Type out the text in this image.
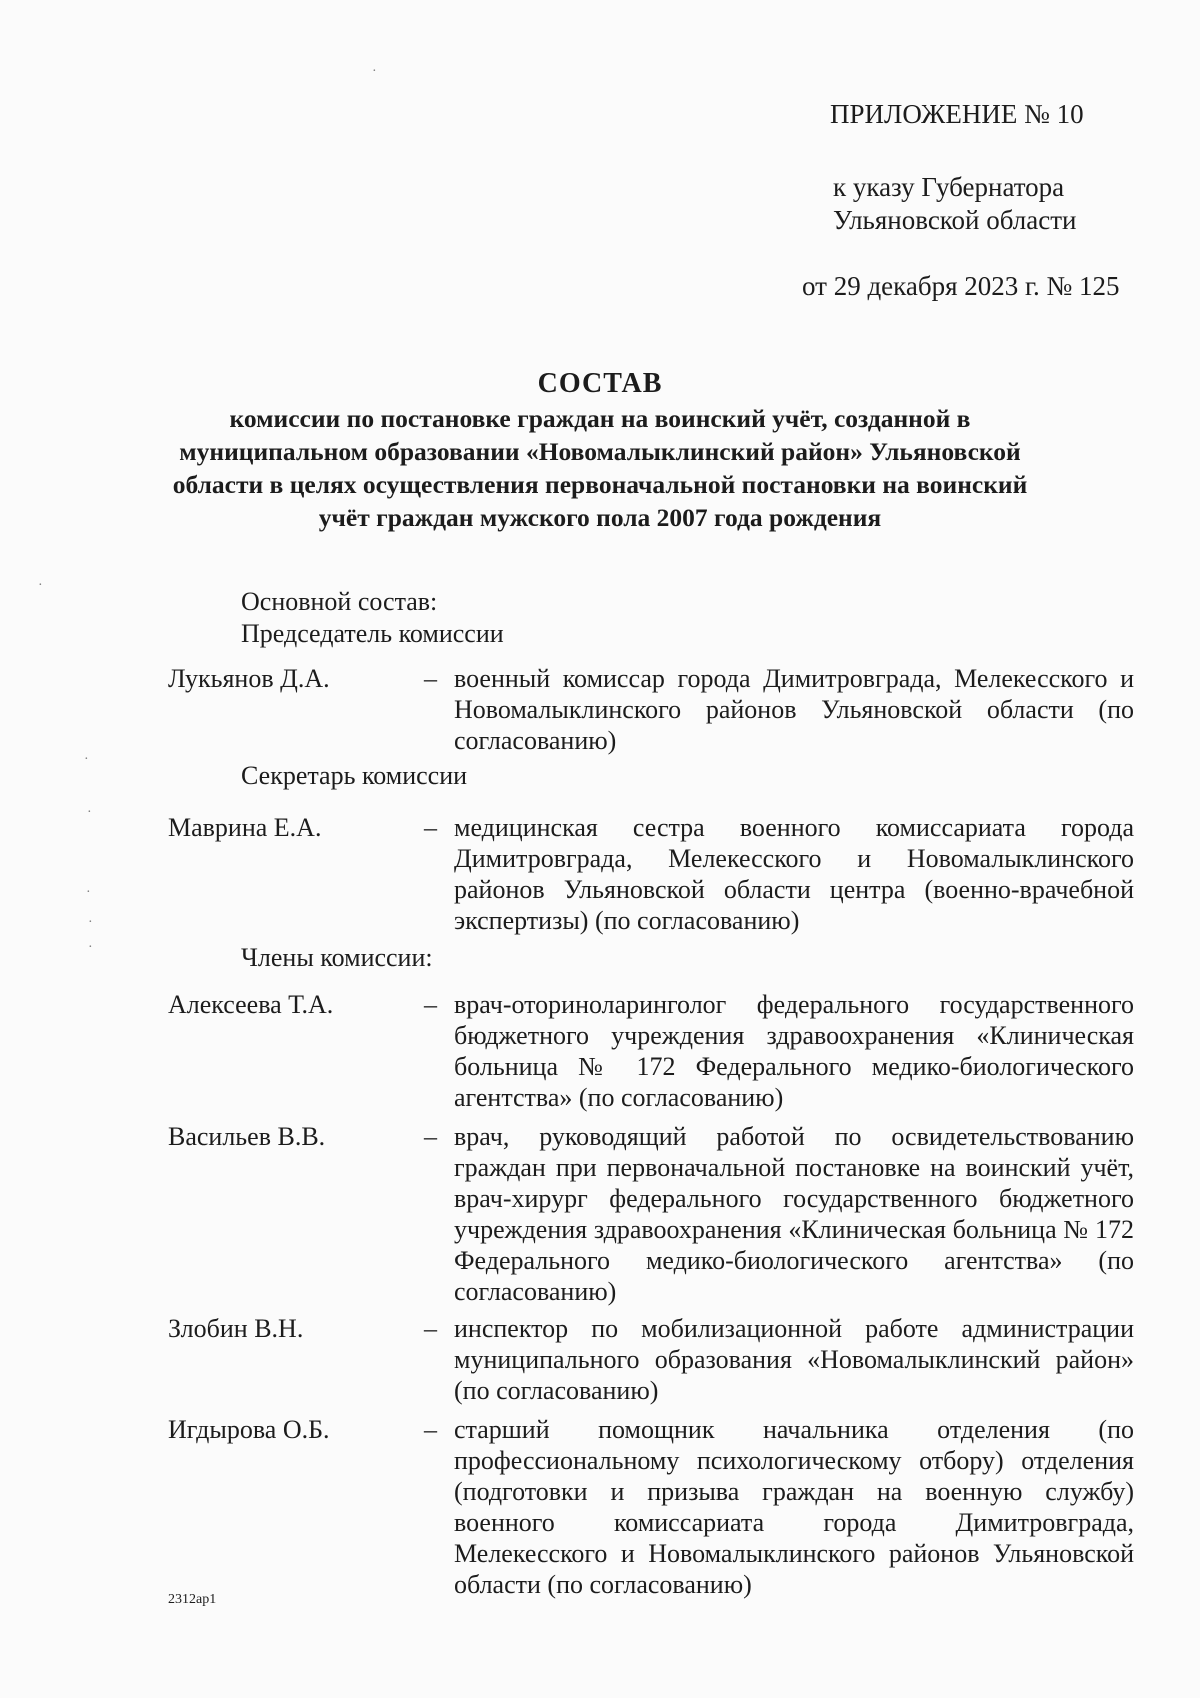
ПРИЛОЖЕНИЕ № 10
к указу Губернатора
Ульяновской области
от 29 декабря 2023 г. № 125
СОСТАВ
комиссии по постановке граждан на воинский учёт, созданной в муниципальном образовании «Новомалыклинский район» Ульяновской области в целях осуществления первоначальной постановки на воинский учёт граждан мужского пола 2007 года рождения
Основной состав:
Председатель комиссии
Лукьянов Д.А.	– военный комиссар города Димитровграда, Мелекесского и Новомалыклинского районов Ульяновской области (по согласованию)
Секретарь комиссии
Маврина Е.А.	– медицинская сестра военного комиссариата города Димитровграда, Мелекесского и Новомалыклинского районов Ульяновской области центра (военно-врачебной экспертизы) (по согласованию)
Члены комиссии:
Алексеева Т.А.	– врач-оториноларинголог федерального государственного бюджетного учреждения здравоохранения «Клиническая больница № 172 Федерального медико-биологического агентства» (по согласованию)
Васильев В.В.	– врач, руководящий работой по освидетельствованию граждан при первоначальной постановке на воинский учёт, врач-хирург федерального государственного бюджетного учреждения здравоохранения «Клиническая больница № 172 Федерального медико-биологического агентства» (по согласованию)
Злобин В.Н.	– инспектор по мобилизационной работе администрации муниципального образования «Новомалыклинский район» (по согласованию)
Игдырова О.Б.	– старший помощник начальника отделения (по профессиональному психологическому отбору) отделения (подготовки и призыва граждан на военную службу) военного комиссариата города Димитровграда, Мелекесского и Новомалыклинского районов Ульяновской области (по согласованию)
2312ap1
·
·
·
·
·
·
·
